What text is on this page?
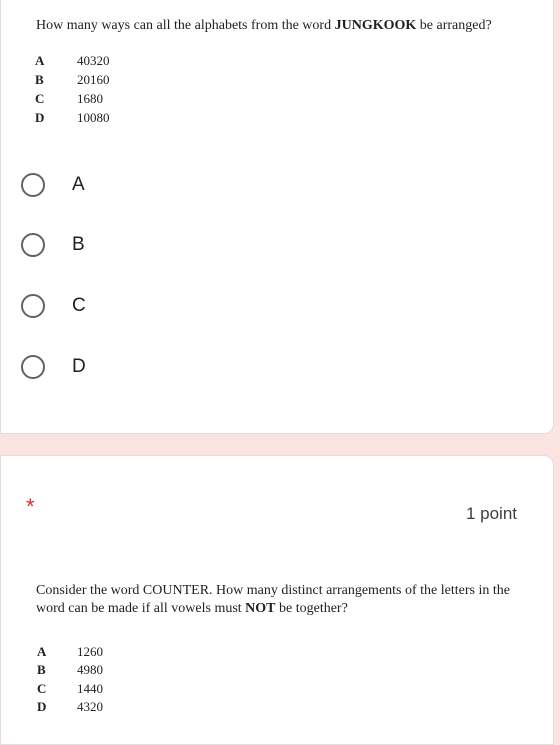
How many ways can all the alphabets from the word JUNGKOOK be arranged?
A	40320
B	20160
C	1680
D	10080
A
B
C
D
*	1 point
Consider the word COUNTER. How many distinct arrangements of the letters in the word can be made if all vowels must NOT be together?
A 1260
B 4980
C 1440
D 4320
